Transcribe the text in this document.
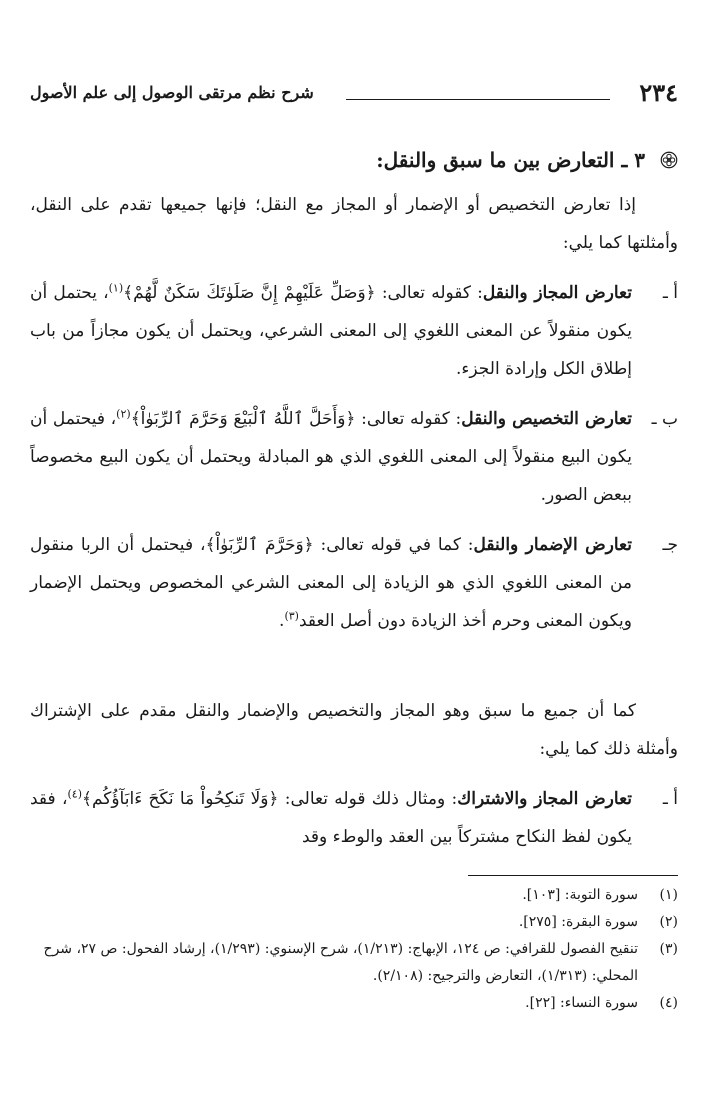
٢٣٤
شرح نظم مرتقى الوصول إلى علم الأصول
٣ ـ التعارض بين ما سبق والنقل:
إذا تعارض التخصيص أو الإضمار أو المجاز مع النقل؛ فإنها جميعها تقدم على النقل، وأمثلتها كما يلي:
أ ـ
تعارض المجاز والنقل: كقوله تعالى: ﴿وَصَلِّ عَلَيْهِمْ إِنَّ صَلَوٰتَكَ سَكَنٌ لَّهُمْ﴾$^{(١)}$، يحتمل أن يكون منقولاً عن المعنى اللغوي إلى المعنى الشرعي، ويحتمل أن يكون مجازاً من باب إطلاق الكل وإرادة الجزء.
ب ـ
تعارض التخصيص والنقل: كقوله تعالى: ﴿وَأَحَلَّ ٱللَّهُ ٱلْبَيْعَ وَحَرَّمَ ٱلرِّبَوٰاْ﴾$^{(٢)}$، فيحتمل أن يكون البيع منقولاً إلى المعنى اللغوي الذي هو المبادلة ويحتمل أن يكون البيع مخصوصاً ببعض الصور.
جـ
تعارض الإضمار والنقل: كما في قوله تعالى: ﴿وَحَرَّمَ ٱلرِّبَوٰاْ﴾، فيحتمل أن الربا منقول من المعنى اللغوي الذي هو الزيادة إلى المعنى الشرعي المخصوص ويحتمل الإضمار ويكون المعنى وحرم أخذ الزيادة دون أصل العقد$^{(٣)}$.
كما أن جميع ما سبق وهو المجاز والتخصيص والإضمار والنقل مقدم على الإشتراك وأمثلة ذلك كما يلي:
أ ـ
تعارض المجاز والاشتراك: ومثال ذلك قوله تعالى: ﴿وَلَا تَنكِحُواْ مَا نَكَحَ ءَابَآؤُكُم﴾$^{(٤)}$، فقد يكون لفظ النكاح مشتركاً بين العقد والوطء وقد
(١)
سورة التوبة: [١٠٣].
(٢)
سورة البقرة: [٢٧٥].
(٣)
تنقيح الفصول للقرافي: ص ١٢٤، الإبهاج: (١/٢١٣)، شرح الإسنوي: (١/٢٩٣)، إرشاد الفحول: ص ٢٧، شرح المحلي: (١/٣١٣)، التعارض والترجيح: (٢/١٠٨).
(٤)
سورة النساء: [٢٢].
